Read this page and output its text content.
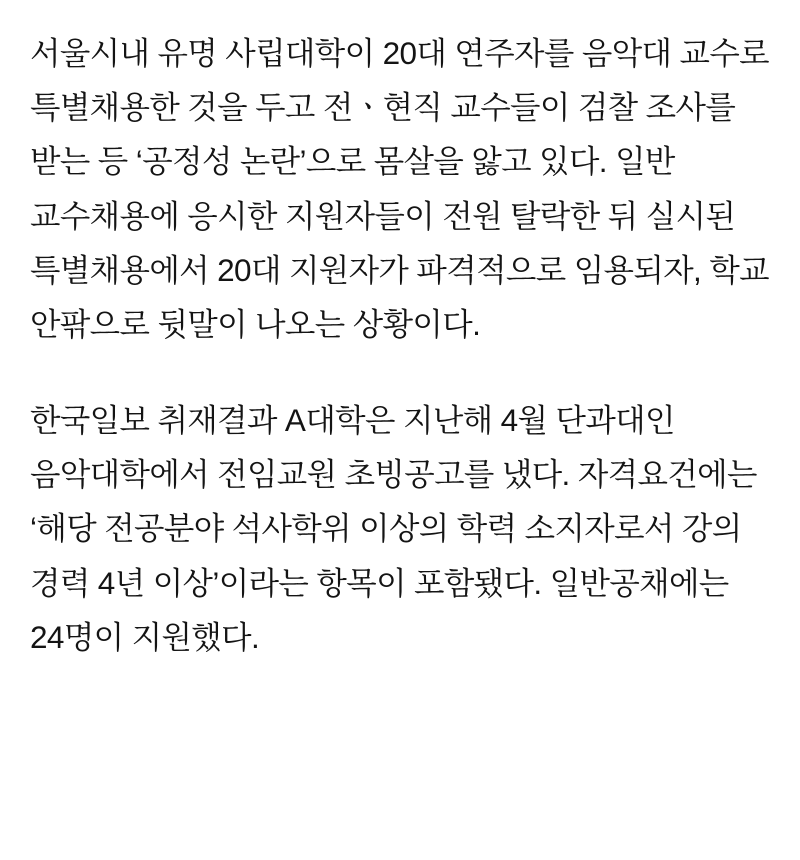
서울시내 유명 사립대학이 20대 연주자를 음악대 교수로 특별채용한 것을 두고 전ㆍ현직 교수들이 검찰 조사를 받는 등 ‘공정성 논란’으로 몸살을 앓고 있다. 일반 교수채용에 응시한 지원자들이 전원 탈락한 뒤 실시된 특별채용에서 20대 지원자가 파격적으로 임용되자, 학교 안팎으로 뒷말이 나오는 상황이다.

한국일보 취재결과 A대학은 지난해 4월 단과대인 음악대학에서 전임교원 초빙공고를 냈다. 자격요건에는 ‘해당 전공분야 석사학위 이상의 학력 소지자로서 강의 경력 4년 이상’이라는 항목이 포함됐다. 일반공채에는 24명이 지원했다.
